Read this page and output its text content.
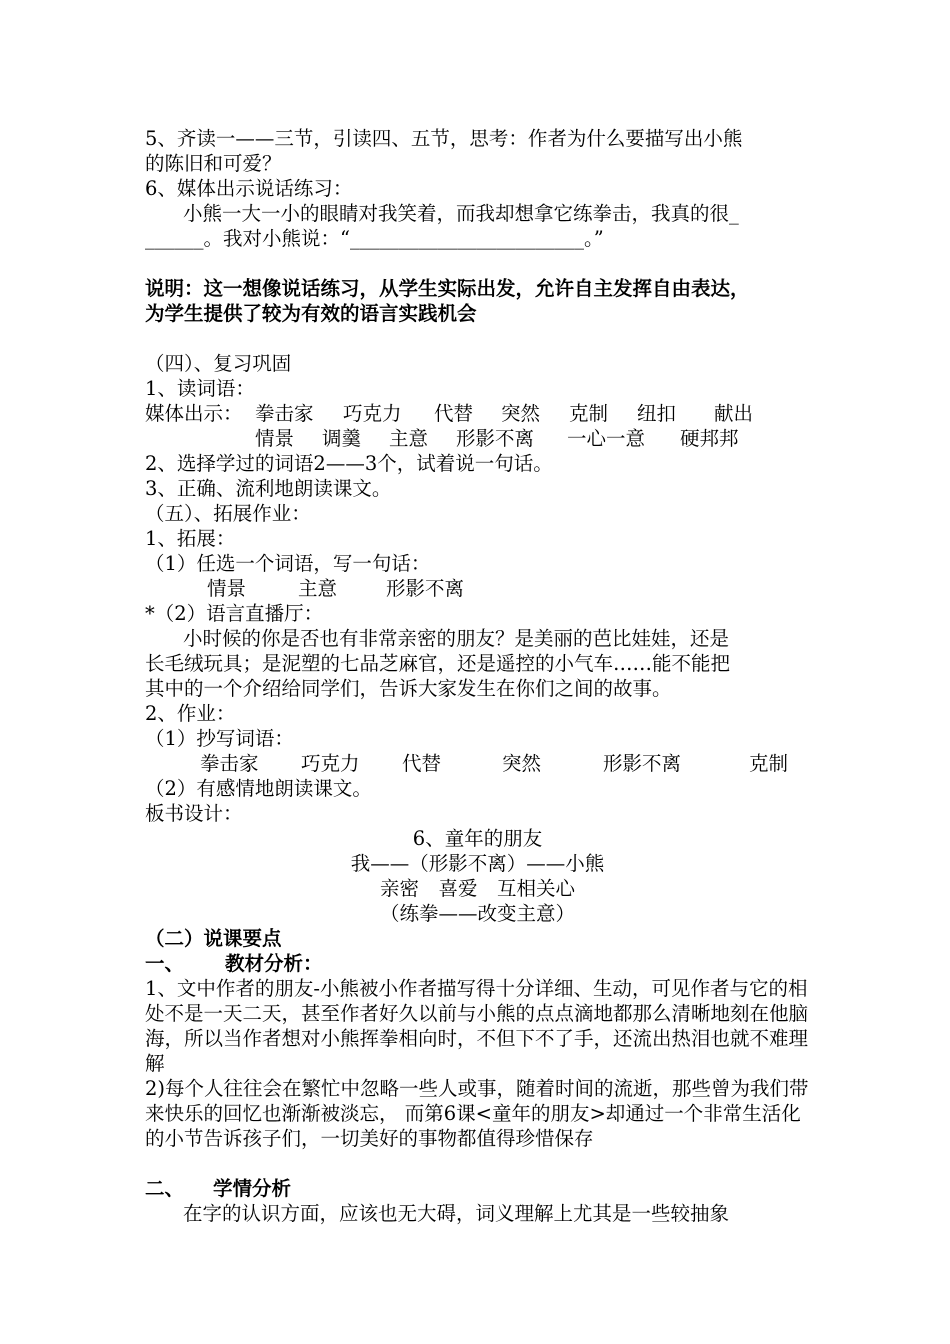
5、齐读一——三节，引读四、五节，思考：作者为什么要描写出小熊

的陈旧和可爱？

6、媒体出示说话练习：

小熊一大一小的眼睛对我笑着，而我却想拿它练拳击，我真的很_

______。我对小熊说：“________________________。”

说明：这一想像说话练习，从学生实际出发，允许自主发挥自由表达，

为学生提供了较为有效的语言实践机会

（四）、复习巩固

1、读词语：

媒体出示： 拳击家	巧克力	代替	突然	克制	纽扣	献出
情景	调羹	主意	形影不离	一心一意	硬邦邦

2、选择学过的词语2——3个，试着说一句话。

3、正确、流利地朗读课文。

（五）、拓展作业：

1、拓展：

（1）任选一个词语，写一句话：

情景	主意	形影不离

*（2）语言直播厅：

小时候的你是否也有非常亲密的朋友？是美丽的芭比娃娃，还是

长毛绒玩具；是泥塑的七品芝麻官，还是遥控的小气车……能不能把

其中的一个介绍给同学们，告诉大家发生在你们之间的故事。

2、作业：

（1）抄写词语：

拳击家	巧克力	代替	突然	形影不离	克制

（2）有感情地朗读课文。

板书设计：

6、童年的朋友

我——（形影不离）——小熊

亲密　喜爱　互相关心

（练拳——改变主意）

（二）说课要点

一、	教材分析：

1、文中作者的朋友-小熊被小作者描写得十分详细、生动，可见作者与它的相处不是一天二天，甚至作者好久以前与小熊的点点滴地都那么清晰地刻在他脑海，所以当作者想对小熊挥拳相向时，不但下不了手，还流出热泪也就不难理解

2)每个人往往会在繁忙中忽略一些人或事，随着时间的流逝，那些曾为我们带来快乐的回忆也渐渐被淡忘， 而第6课<童年的朋友>却通过一个非常生活化的小节告诉孩子们，一切美好的事物都值得珍惜保存

二、	学情分析

在字的认识方面，应该也无大碍，词义理解上尤其是一些较抽象
